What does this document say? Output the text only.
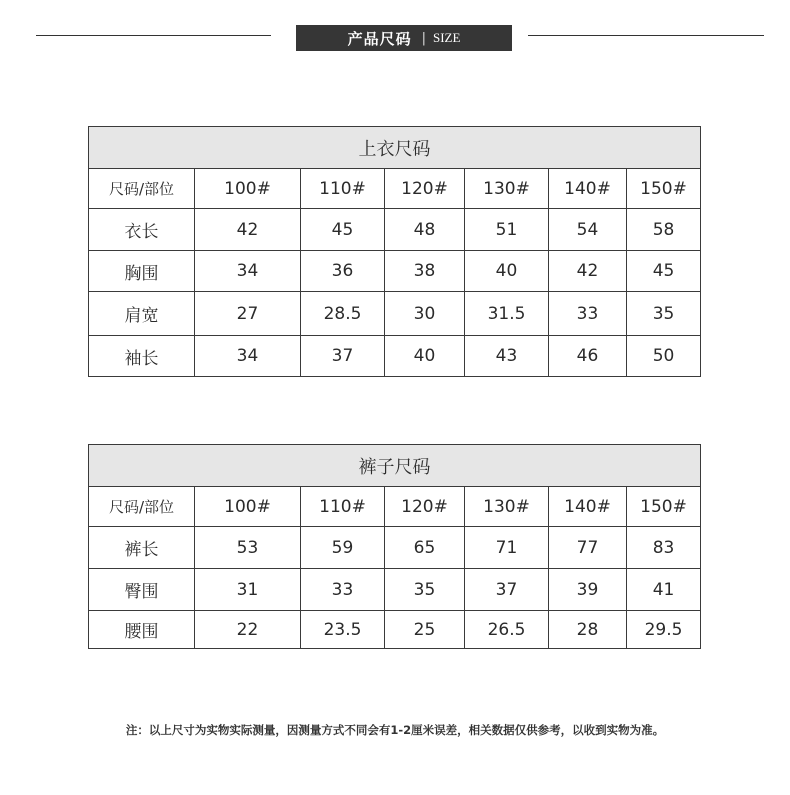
产品尺码 | SIZE
上衣尺码						
尺码/部位	100#	110#	120#	130#	140#	150#
衣长	42	45	48	51	54	58
胸围	34	36	38	40	42	45
肩宽	27	28.5	30	31.5	33	35
袖长	34	37	40	43	46	50
裤子尺码						
尺码/部位	100#	110#	120#	130#	140#	150#
裤长	53	59	65	71	77	83
臀围	31	33	35	37	39	41
腰围	22	23.5	25	26.5	28	29.5
注：以上尺寸为实物实际测量，因测量方式不同会有1-2厘米误差，相关数据仅供参考，以收到实物为准。
